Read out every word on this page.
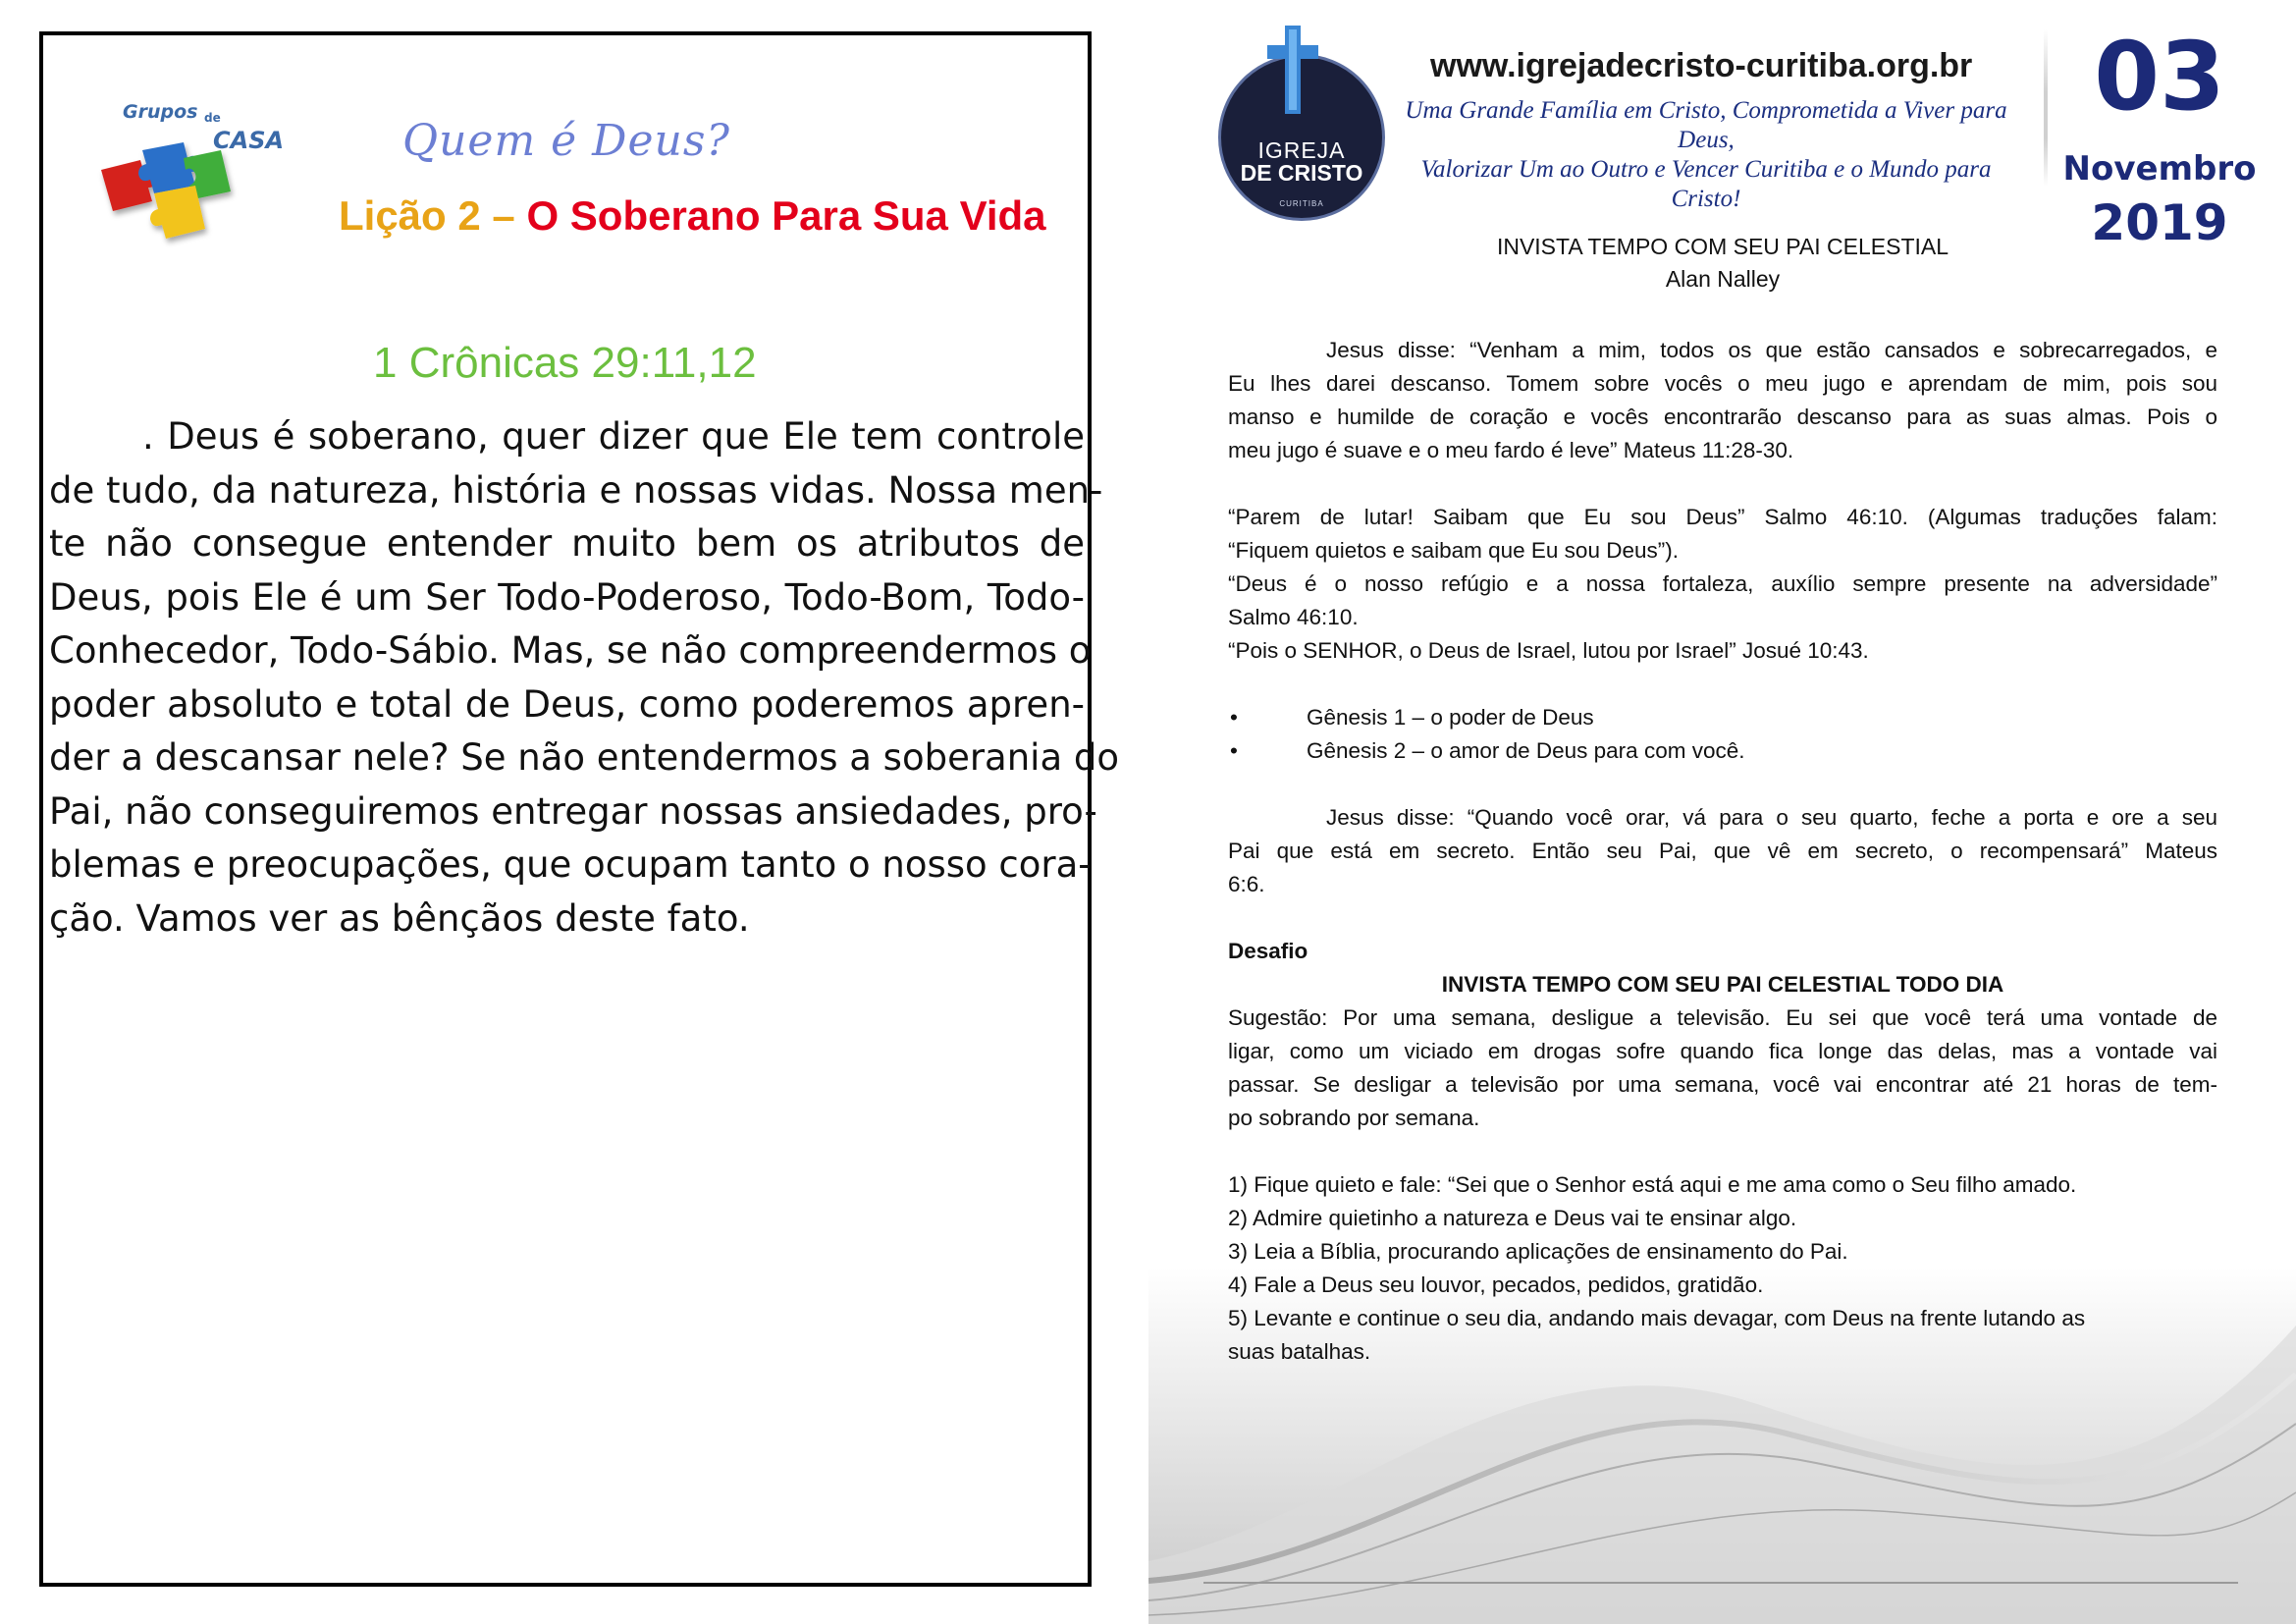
Grupos de
CASA	Quem é Deus?
Lição 2 – O Soberano Para Sua Vida
1 Crônicas 29:11,12
. Deus é soberano, quer dizer que Ele tem controle
de tudo, da natureza, história e nossas vidas. Nossa men-
te não consegue entender muito bem os atributos de
Deus, pois Ele é um Ser Todo-Poderoso, Todo-Bom, Todo-
Conhecedor, Todo-Sábio. Mas, se não compreendermos o
poder absoluto e total de Deus, como poderemos apren-
der a descansar nele? Se não entendermos a soberania do
Pai, não conseguiremos entregar nossas ansiedades, pro-
blemas e preocupações, que ocupam tanto o nosso cora-
ção. Vamos ver as bênçãos deste fato.
IGREJA
DE CRISTO
CURITIBA
www.igrejadecristo-curitiba.org.br
Uma Grande Família em Cristo, Comprometida a Viver para Deus,
Valorizar Um ao Outro e Vencer Curitiba e o Mundo para Cristo!
03
Novembro
2019
INVISTA TEMPO COM SEU PAI CELESTIAL
Alan Nalley
Jesus disse: “Venham a mim, todos os que estão cansados e sobrecarregados, e
Eu lhes darei descanso. Tomem sobre vocês o meu jugo e aprendam de mim, pois sou
manso e humilde de coração e vocês encontrarão descanso para as suas almas. Pois o
meu jugo é suave e o meu fardo é leve” Mateus 11:28-30.
“Parem de lutar! Saibam que Eu sou Deus” Salmo 46:10. (Algumas traduções falam:
“Fiquem quietos e saibam que Eu sou Deus”).
“Deus é o nosso refúgio e a nossa fortaleza, auxílio sempre presente na adversidade”
Salmo 46:10.
“Pois o SENHOR, o Deus de Israel, lutou por Israel” Josué 10:43.
• Gênesis 1 – o poder de Deus
• Gênesis 2 – o amor de Deus para com você.
Jesus disse: “Quando você orar, vá para o seu quarto, feche a porta e ore a seu
Pai que está em secreto. Então seu Pai, que vê em secreto, o recompensará” Mateus
6:6.
Desafio
INVISTA TEMPO COM SEU PAI CELESTIAL TODO DIA
Sugestão: Por uma semana, desligue a televisão. Eu sei que você terá uma vontade de
ligar, como um viciado em drogas sofre quando fica longe das delas, mas a vontade vai
passar. Se desligar a televisão por uma semana, você vai encontrar até 21 horas de tem-
po sobrando por semana.
1) Fique quieto e fale: “Sei que o Senhor está aqui e me ama como o Seu filho amado.
2) Admire quietinho a natureza e Deus vai te ensinar algo.
3) Leia a Bíblia, procurando aplicações de ensinamento do Pai.
4) Fale a Deus seu louvor, pecados, pedidos, gratidão.
5) Levante e continue o seu dia, andando mais devagar, com Deus na frente lutando as
suas batalhas.
